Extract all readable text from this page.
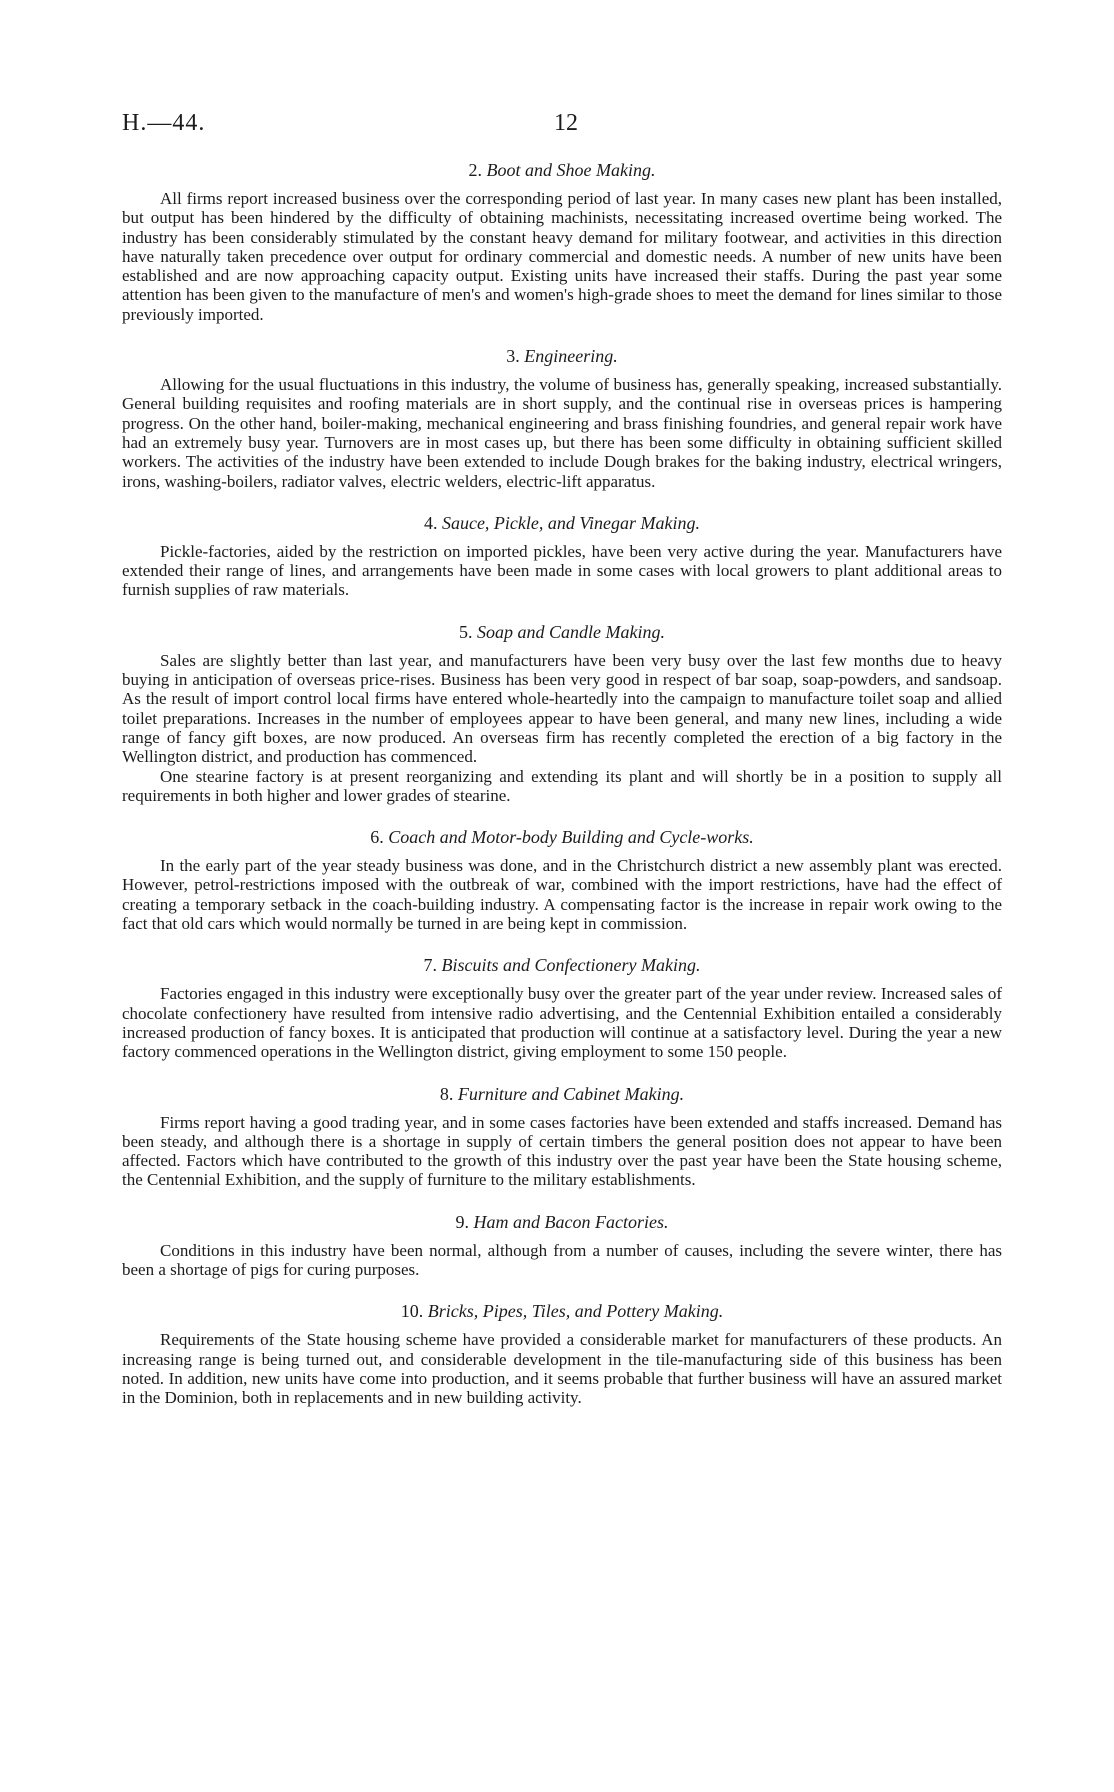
H.—44.	12
2. Boot and Shoe Making.

All firms report increased business over the corresponding period of last year. In many cases new plant has been installed, but output has been hindered by the difficulty of obtaining machinists, necessitating increased overtime being worked. The industry has been considerably stimulated by the constant heavy demand for military footwear, and activities in this direction have naturally taken precedence over output for ordinary commercial and domestic needs. A number of new units have been established and are now approaching capacity output. Existing units have increased their staffs. During the past year some attention has been given to the manufacture of men's and women's high-grade shoes to meet the demand for lines similar to those previously imported.

3. Engineering.

Allowing for the usual fluctuations in this industry, the volume of business has, generally speaking, increased substantially. General building requisites and roofing materials are in short supply, and the continual rise in overseas prices is hampering progress. On the other hand, boiler-making, mechanical engineering and brass finishing foundries, and general repair work have had an extremely busy year. Turnovers are in most cases up, but there has been some difficulty in obtaining sufficient skilled workers. The activities of the industry have been extended to include Dough brakes for the baking industry, electrical wringers, irons, washing-boilers, radiator valves, electric welders, electric-lift apparatus.

4. Sauce, Pickle, and Vinegar Making.

Pickle-factories, aided by the restriction on imported pickles, have been very active during the year. Manufacturers have extended their range of lines, and arrangements have been made in some cases with local growers to plant additional areas to furnish supplies of raw materials.

5. Soap and Candle Making.

Sales are slightly better than last year, and manufacturers have been very busy over the last few months due to heavy buying in anticipation of overseas price-rises. Business has been very good in respect of bar soap, soap-powders, and sandsoap. As the result of import control local firms have entered whole-heartedly into the campaign to manufacture toilet soap and allied toilet preparations. Increases in the number of employees appear to have been general, and many new lines, including a wide range of fancy gift boxes, are now produced. An overseas firm has recently completed the erection of a big factory in the Wellington district, and production has commenced.

One stearine factory is at present reorganizing and extending its plant and will shortly be in a position to supply all requirements in both higher and lower grades of stearine.

6. Coach and Motor-body Building and Cycle-works.

In the early part of the year steady business was done, and in the Christchurch district a new assembly plant was erected. However, petrol-restrictions imposed with the outbreak of war, combined with the import restrictions, have had the effect of creating a temporary setback in the coach-building industry. A compensating factor is the increase in repair work owing to the fact that old cars which would normally be turned in are being kept in commission.

7. Biscuits and Confectionery Making.

Factories engaged in this industry were exceptionally busy over the greater part of the year under review. Increased sales of chocolate confectionery have resulted from intensive radio advertising, and the Centennial Exhibition entailed a considerably increased production of fancy boxes. It is anticipated that production will continue at a satisfactory level. During the year a new factory commenced operations in the Wellington district, giving employment to some 150 people.

8. Furniture and Cabinet Making.

Firms report having a good trading year, and in some cases factories have been extended and staffs increased. Demand has been steady, and although there is a shortage in supply of certain timbers the general position does not appear to have been affected. Factors which have contributed to the growth of this industry over the past year have been the State housing scheme, the Centennial Exhibition, and the supply of furniture to the military establishments.

9. Ham and Bacon Factories.

Conditions in this industry have been normal, although from a number of causes, including the severe winter, there has been a shortage of pigs for curing purposes.

10. Bricks, Pipes, Tiles, and Pottery Making.

Requirements of the State housing scheme have provided a considerable market for manufacturers of these products. An increasing range is being turned out, and considerable development in the tile-manufacturing side of this business has been noted. In addition, new units have come into production, and it seems probable that further business will have an assured market in the Dominion, both in replacements and in new building activity.
